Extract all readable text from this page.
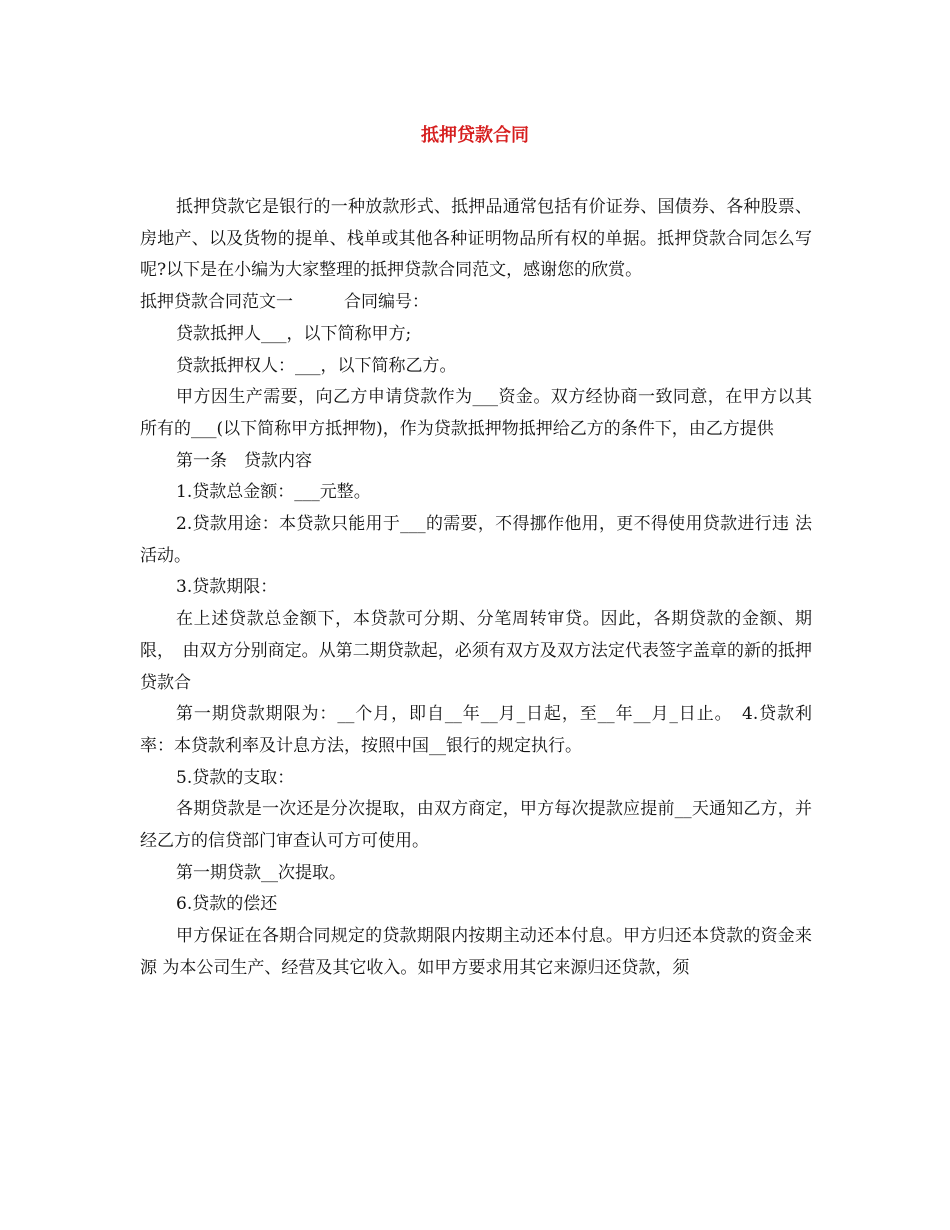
抵押贷款合同

抵押贷款它是银行的一种放款形式、抵押品通常包括有价证券、国债券、各种股票、房地产、以及货物的提单、栈单或其他各种证明物品所有权的单据。抵押贷款合同怎么写呢?以下是在小编为大家整理的抵押贷款合同范文，感谢您的欣赏。

抵押贷款合同范文一　　　合同编号：

贷款抵押人___，以下简称甲方;

贷款抵押权人：___，以下简称乙方。

甲方因生产需要，向乙方申请贷款作为___资金。双方经协商一致同意，在甲方以其 所有的___(以下简称甲方抵押物)，作为贷款抵押物抵押给乙方的条件下，由乙方提供

第一条　贷款内容

1.贷款总金额：___元整。

2.贷款用途：本贷款只能用于___的需要，不得挪作他用，更不得使用贷款进行违 法活动。

3.贷款期限：

在上述贷款总金额下，本贷款可分期、分笔周转审贷。因此，各期贷款的金额、期限，　由双方分别商定。从第二期贷款起，必须有双方及双方法定代表签字盖章的新的抵押贷款合

第一期贷款期限为：__个月，即自__年__月_日起，至__年__月_日止。　4.贷款利率：本贷款利率及计息方法，按照中国__银行的规定执行。

5.贷款的支取：

各期贷款是一次还是分次提取，由双方商定，甲方每次提款应提前__天通知乙方，并 经乙方的信贷部门审查认可方可使用。

第一期贷款__次提取。

6.贷款的偿还

甲方保证在各期合同规定的贷款期限内按期主动还本付息。甲方归还本贷款的资金来源 为本公司生产、经营及其它收入。如甲方要求用其它来源归还贷款，须
